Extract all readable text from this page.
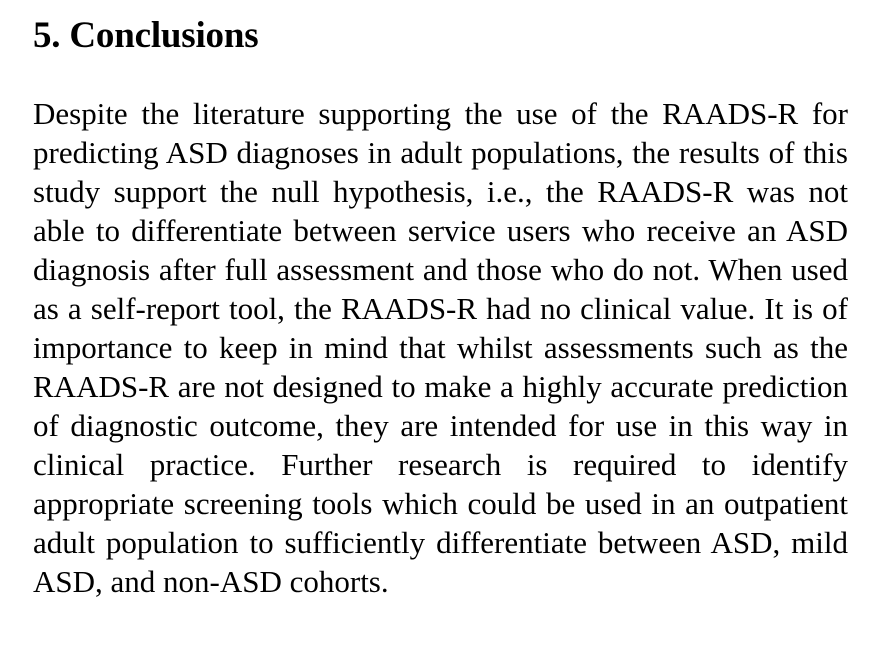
5. Conclusions

Despite the literature supporting the use of the RAADS-R for predicting ASD diagnoses in adult populations, the results of this study support the null hypothesis, i.e., the RAADS-R was not able to differentiate between service users who receive an ASD diagnosis after full assessment and those who do not. When used as a self-report tool, the RAADS-R had no clinical value. It is of importance to keep in mind that whilst assessments such as the RAADS-R are not designed to make a highly accurate prediction of diagnostic outcome, they are intended for use in this way in clinical practice. Further research is required to identify appropriate screening tools which could be used in an outpatient adult population to sufficiently differentiate between ASD, mild ASD, and non-ASD cohorts.
